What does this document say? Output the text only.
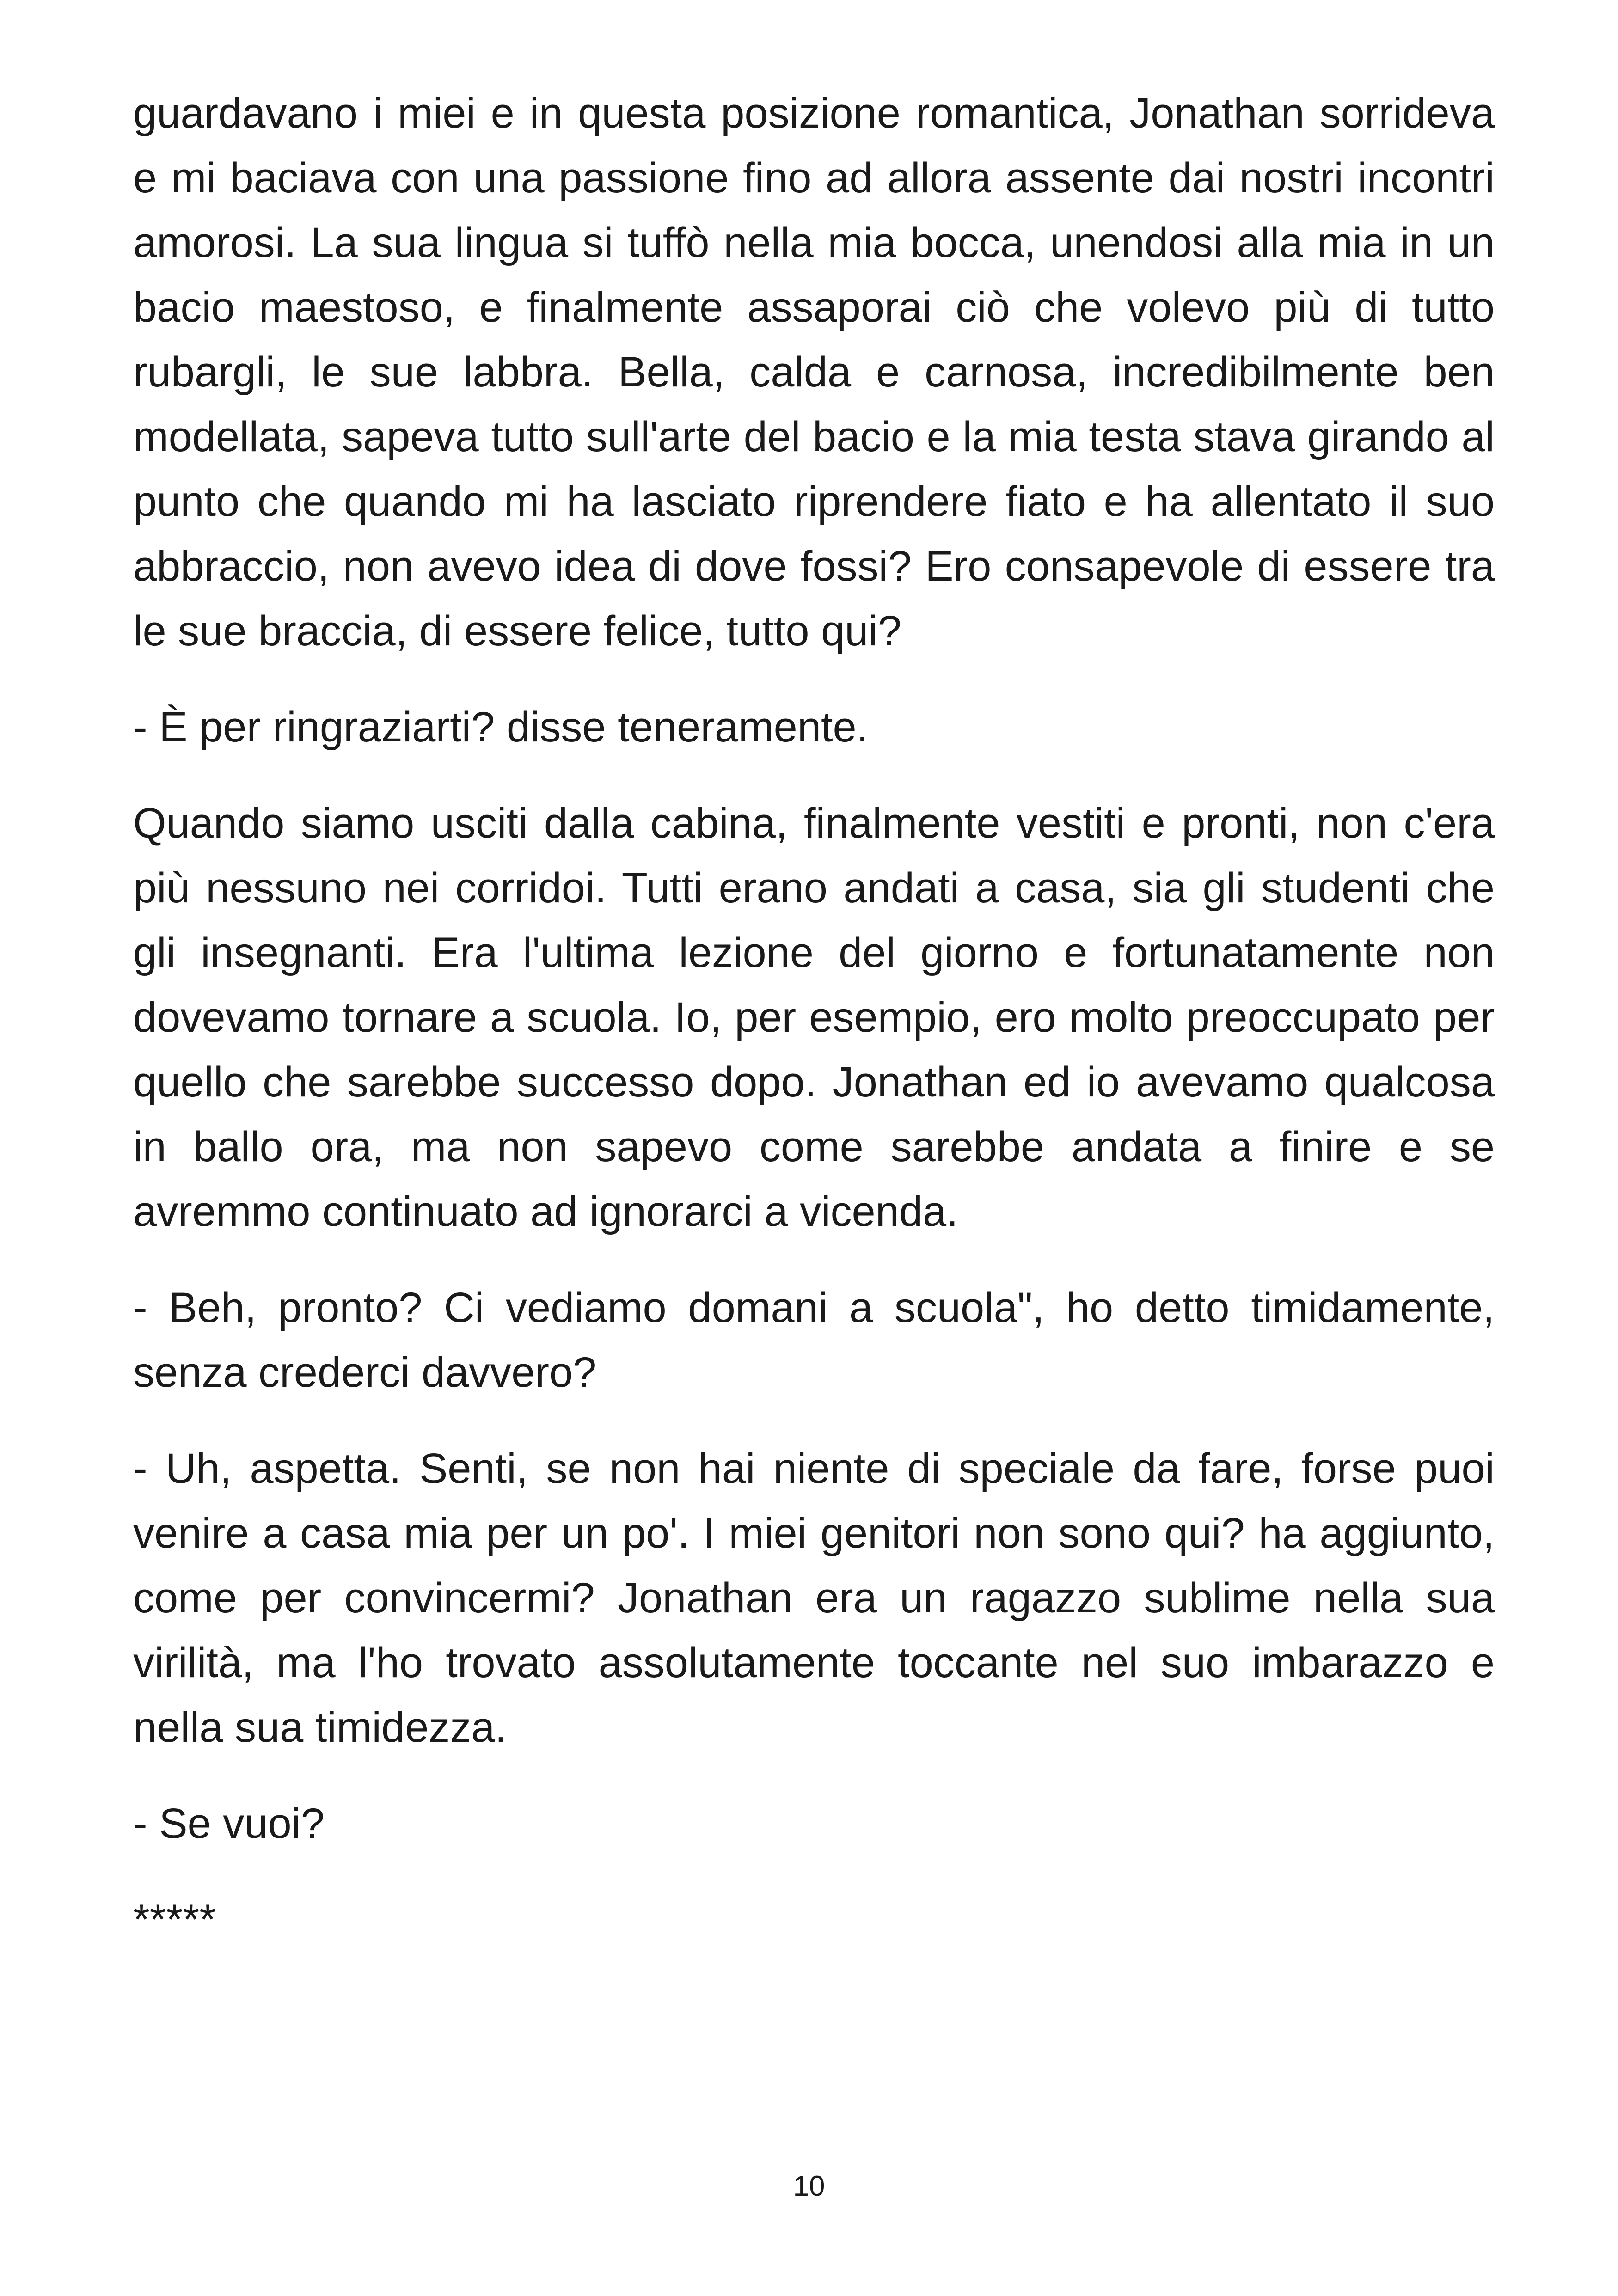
guardavano i miei e in questa posizione romantica, Jonathan sorrideva e mi baciava con una passione fino ad allora assente dai nostri incontri amorosi. La sua lingua si tuffò nella mia bocca, unendosi alla mia in un bacio maestoso, e finalmente assaporai ciò che volevo più di tutto rubargli, le sue labbra. Bella, calda e carnosa, incredibilmente ben modellata, sapeva tutto sull'arte del bacio e la mia testa stava girando al punto che quando mi ha lasciato riprendere fiato e ha allentato il suo abbraccio, non avevo idea di dove fossi? Ero consapevole di essere tra le sue braccia, di essere felice, tutto qui?

- È per ringraziarti? disse teneramente.

Quando siamo usciti dalla cabina, finalmente vestiti e pronti, non c'era più nessuno nei corridoi. Tutti erano andati a casa, sia gli studenti che gli insegnanti. Era l'ultima lezione del giorno e fortunatamente non dovevamo tornare a scuola. Io, per esempio, ero molto preoccupato per quello che sarebbe successo dopo. Jonathan ed io avevamo qualcosa in ballo ora, ma non sapevo come sarebbe andata a finire e se avremmo continuato ad ignorarci a vicenda.

- Beh, pronto? Ci vediamo domani a scuola", ho detto timidamente, senza crederci davvero?

- Uh, aspetta. Senti, se non hai niente di speciale da fare, forse puoi venire a casa mia per un po'. I miei genitori non sono qui? ha aggiunto, come per convincermi? Jonathan era un ragazzo sublime nella sua virilità, ma l'ho trovato assolutamente toccante nel suo imbarazzo e nella sua timidezza.

- Se vuoi?

*****

10
